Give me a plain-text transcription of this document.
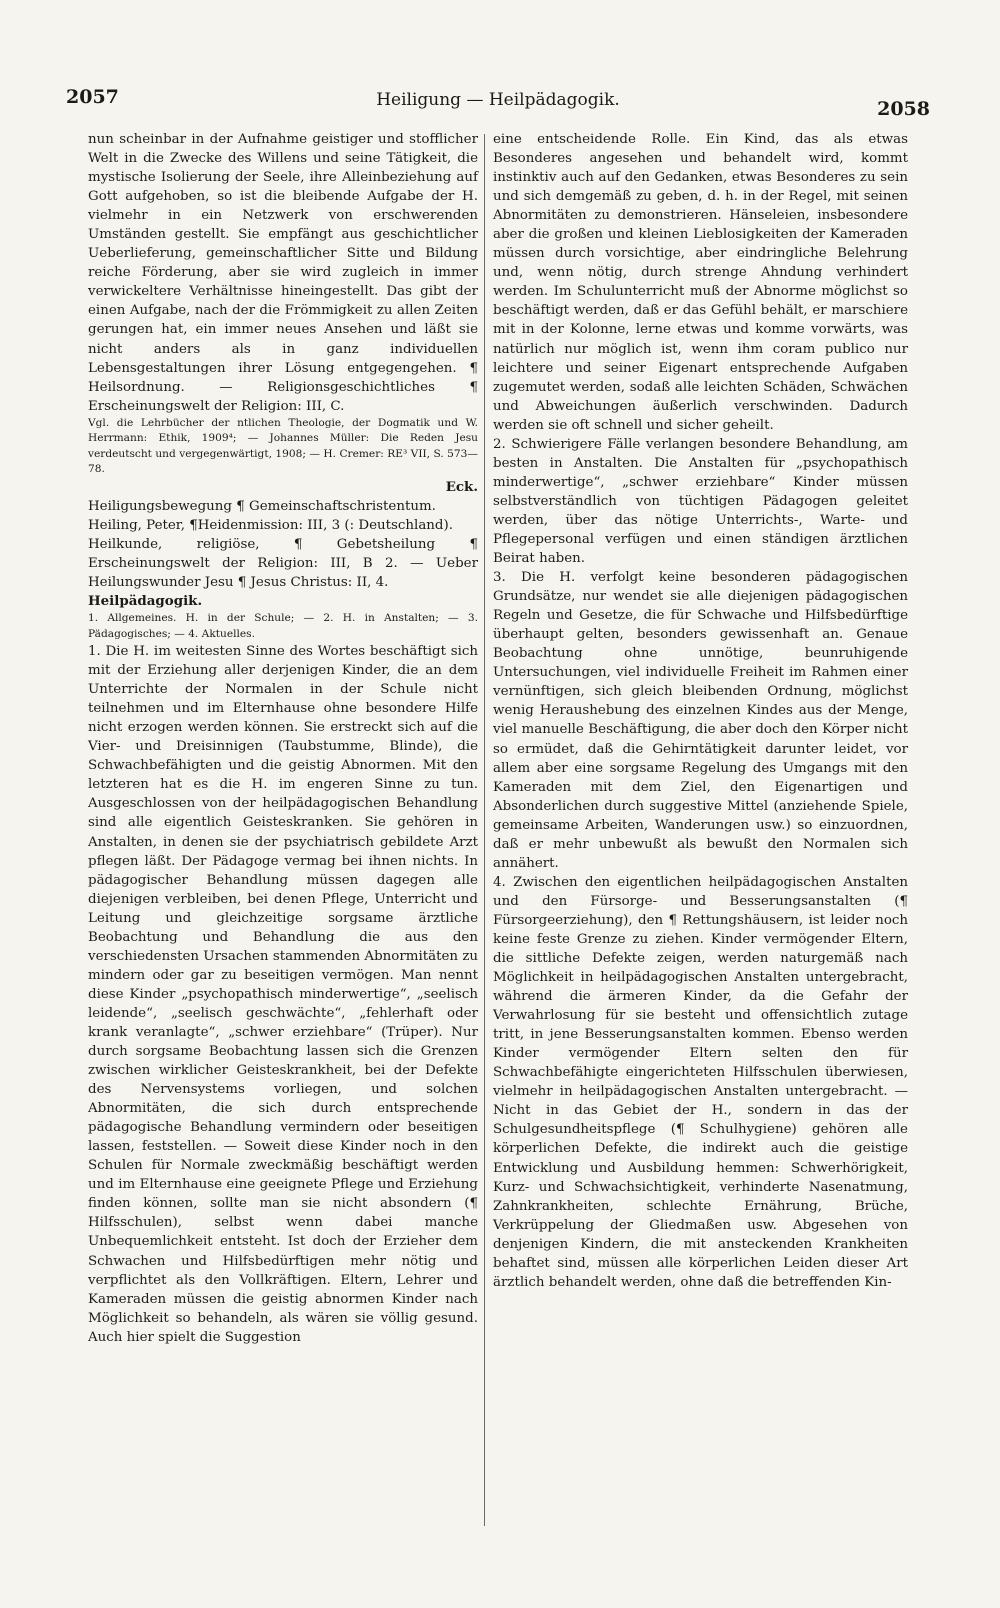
2057	Heiligung — Heilpädagogik.	2058

nun scheinbar in der Aufnahme geistiger und stofflicher Welt in die Zwecke des Willens und seine Tätigkeit, die mystische Isolierung der Seele, ihre Alleinbeziehung auf Gott aufgehoben, so ist die bleibende Aufgabe der H. vielmehr in ein Netzwerk von erschwerenden Umständen gestellt. Sie empfängt aus geschichtlicher Ueberlieferung, gemeinschaftlicher Sitte und Bildung reiche Förderung, aber sie wird zugleich in immer verwickeltere Verhältnisse hineingestellt. Das gibt der einen Aufgabe, nach der die Frömmigkeit zu allen Zeiten gerungen hat, ein immer neues Ansehen und läßt sie nicht anders als in ganz individuellen Lebensgestaltungen ihrer Lösung entgegengehen. ¶ Heilsordnung. — Religionsgeschichtliches ¶ Erscheinungswelt der Religion: III, C.

Vgl. die Lehrbücher der ntlichen Theologie, der Dogmatik und W. Herrmann: Ethik, 1909⁴; — Johannes Müller: Die Reden Jesu verdeutscht und vergegenwärtigt, 1908; — H. Cremer: RE³ VII, S. 573—78.

Eck.

Heiligungsbewegung ¶ Gemeinschaftschristentum.

Heiling, Peter, ¶Heidenmission: III, 3 (: Deutschland).

Heilkunde, religiöse, ¶ Gebetsheilung ¶ Erscheinungswelt der Religion: III, B 2. — Ueber Heilungswunder Jesu ¶ Jesus Christus: II, 4.

Heilpädagogik.

1. Allgemeines. H. in der Schule; — 2. H. in Anstalten; — 3. Pädagogisches; — 4. Aktuelles.

1. Die H. im weitesten Sinne des Wortes beschäftigt sich mit der Erziehung aller derjenigen Kinder, die an dem Unterrichte der Normalen in der Schule nicht teilnehmen und im Elternhause ohne besondere Hilfe nicht erzogen werden können. Sie erstreckt sich auf die Vier- und Dreisinnigen (Taubstumme, Blinde), die Schwachbefähigten und die geistig Abnormen. Mit den letzteren hat es die H. im engeren Sinne zu tun. Ausgeschlossen von der heilpädagogischen Behandlung sind alle eigentlich Geisteskranken. Sie gehören in Anstalten, in denen sie der psychiatrisch gebildete Arzt pflegen läßt. Der Pädagoge vermag bei ihnen nichts. In pädagogischer Behandlung müssen dagegen alle diejenigen verbleiben, bei denen Pflege, Unterricht und Leitung und gleichzeitige sorgsame ärztliche Beobachtung und Behandlung die aus den verschiedensten Ursachen stammenden Abnormitäten zu mindern oder gar zu beseitigen vermögen. Man nennt diese Kinder „psychopathisch minderwertige“, „seelisch leidende“, „seelisch geschwächte“, „fehlerhaft oder krank veranlagte“, „schwer erziehbare“ (Trüper). Nur durch sorgsame Beobachtung lassen sich die Grenzen zwischen wirklicher Geisteskrankheit, bei der Defekte des Nervensystems vorliegen, und solchen Abnormitäten, die sich durch entsprechende pädagogische Behandlung vermindern oder beseitigen lassen, feststellen. — Soweit diese Kinder noch in den Schulen für Normale zweckmäßig beschäftigt werden und im Elternhause eine geeignete Pflege und Erziehung finden können, sollte man sie nicht absondern (¶ Hilfsschulen), selbst wenn dabei manche Unbequemlichkeit entsteht. Ist doch der Erzieher dem Schwachen und Hilfsbedürftigen mehr nötig und verpflichtet als den Vollkräftigen. Eltern, Lehrer und Kameraden müssen die geistig abnormen Kinder nach Möglichkeit so behandeln, als wären sie völlig gesund. Auch hier spielt die Suggestion

eine entscheidende Rolle. Ein Kind, das als etwas Besonderes angesehen und behandelt wird, kommt instinktiv auch auf den Gedanken, etwas Besonderes zu sein und sich demgemäß zu geben, d. h. in der Regel, mit seinen Abnormitäten zu demonstrieren. Hänseleien, insbesondere aber die großen und kleinen Lieblosigkeiten der Kameraden müssen durch vorsichtige, aber eindringliche Belehrung und, wenn nötig, durch strenge Ahndung verhindert werden. Im Schulunterricht muß der Abnorme möglichst so beschäftigt werden, daß er das Gefühl behält, er marschiere mit in der Kolonne, lerne etwas und komme vorwärts, was natürlich nur möglich ist, wenn ihm coram publico nur leichtere und seiner Eigenart entsprechende Aufgaben zugemutet werden, sodaß alle leichten Schäden, Schwächen und Abweichungen äußerlich verschwinden. Dadurch werden sie oft schnell und sicher geheilt.

2. Schwierigere Fälle verlangen besondere Behandlung, am besten in Anstalten. Die Anstalten für „psychopathisch minderwertige“, „schwer erziehbare“ Kinder müssen selbstverständlich von tüchtigen Pädagogen geleitet werden, über das nötige Unterrichts-, Warte- und Pflegepersonal verfügen und einen ständigen ärztlichen Beirat haben.

3. Die H. verfolgt keine besonderen pädagogischen Grundsätze, nur wendet sie alle diejenigen pädagogischen Regeln und Gesetze, die für Schwache und Hilfsbedürftige überhaupt gelten, besonders gewissenhaft an. Genaue Beobachtung ohne unnötige, beunruhigende Untersuchungen, viel individuelle Freiheit im Rahmen einer vernünftigen, sich gleich bleibenden Ordnung, möglichst wenig Heraushebung des einzelnen Kindes aus der Menge, viel manuelle Beschäftigung, die aber doch den Körper nicht so ermüdet, daß die Gehirntätigkeit darunter leidet, vor allem aber eine sorgsame Regelung des Umgangs mit den Kameraden mit dem Ziel, den Eigenartigen und Absonderlichen durch suggestive Mittel (anziehende Spiele, gemeinsame Arbeiten, Wanderungen usw.) so einzuordnen, daß er mehr unbewußt als bewußt den Normalen sich annähert.

4. Zwischen den eigentlichen heilpädagogischen Anstalten und den Fürsorge- und Besserungsanstalten (¶ Fürsorgeerziehung), den ¶ Rettungshäusern, ist leider noch keine feste Grenze zu ziehen. Kinder vermögender Eltern, die sittliche Defekte zeigen, werden naturgemäß nach Möglichkeit in heilpädagogischen Anstalten untergebracht, während die ärmeren Kinder, da die Gefahr der Verwahrlosung für sie besteht und offensichtlich zutage tritt, in jene Besserungsanstalten kommen. Ebenso werden Kinder vermögender Eltern selten den für Schwachbefähigte eingerichteten Hilfsschulen überwiesen, vielmehr in heilpädagogischen Anstalten untergebracht. — Nicht in das Gebiet der H., sondern in das der Schulgesundheitspflege (¶ Schulhygiene) gehören alle körperlichen Defekte, die indirekt auch die geistige Entwicklung und Ausbildung hemmen: Schwerhörigkeit, Kurz- und Schwachsichtigkeit, verhinderte Nasenatmung, Zahnkrankheiten, schlechte Ernährung, Brüche, Verkrüppelung der Gliedmaßen usw. Abgesehen von denjenigen Kindern, die mit ansteckenden Krankheiten behaftet sind, müssen alle körperlichen Leiden dieser Art ärztlich behandelt werden, ohne daß die betreffenden Kin-
